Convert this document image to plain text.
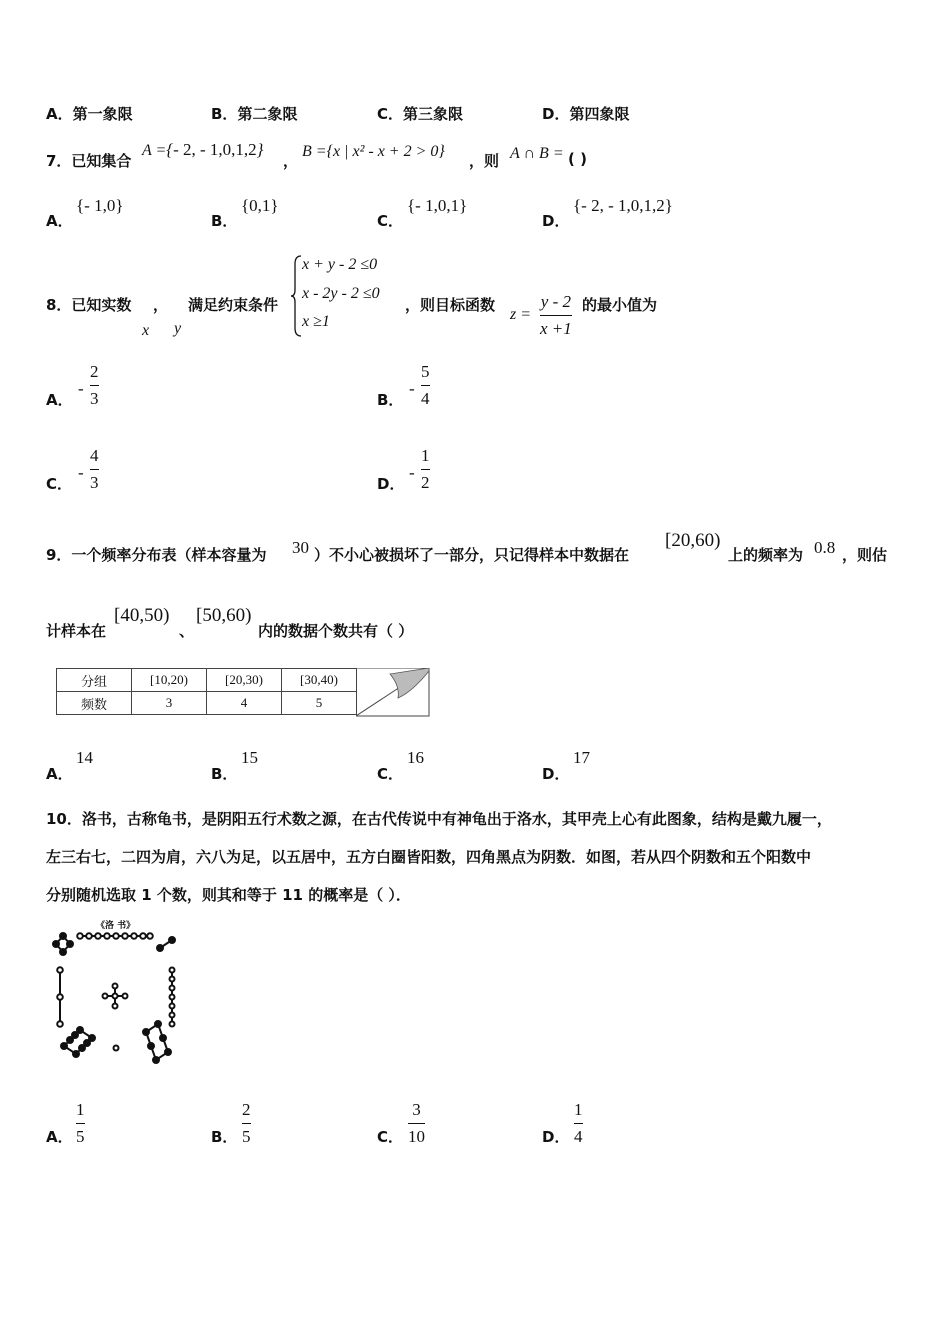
A．第一象限	B．第二象限	C．第三象限	D．第四象限
7．已知集合
A ={- 2, - 1,0,1,2}
，
B ={x | x² - x + 2 > 0}
，则 A ∩ B = ( )
A．
{- 1,0}
B．
{0,1}
C．
{- 1,0,1}
D．
{- 2, - 1,0,1,2}
8．已知实数 ，
x y
满足约束条件
x + y - 2 ≤0
x - 2y - 2 ≤0
x ≥1
，则目标函数
z =
y - 2
x +1
的最小值为
A．
-
2
3	B．
-
5
4
C．
-
4
3	D．
-
1
2
9．一个频率分布表（样本容量为 30 ）不小心被损坏了一部分，只记得样本中数据在
[20,60)
上的频率为 0.8 ，则估
计样本在
[40,50)
、
[50,60)
内的数据个数共有（ ）
分组	[10,20)	[20,30)	[30,40)
频数	3	4	5
A．
14
B．
15
C．
16
D．
17
10．洛书，古称龟书，是阴阳五行术数之源，在古代传说中有神龟出于洛水，其甲壳上心有此图象，结构是戴九履一，
左三右七，二四为肩，六八为足，以五居中，五方白圈皆阳数，四角黑点为阴数．如图，若从四个阴数和五个阳数中
分别随机选取 1 个数，则其和等于 11 的概率是（ ）．
《洛 书》
A．
1
5	B．
2
5	C．
3
10	D．
1
4
